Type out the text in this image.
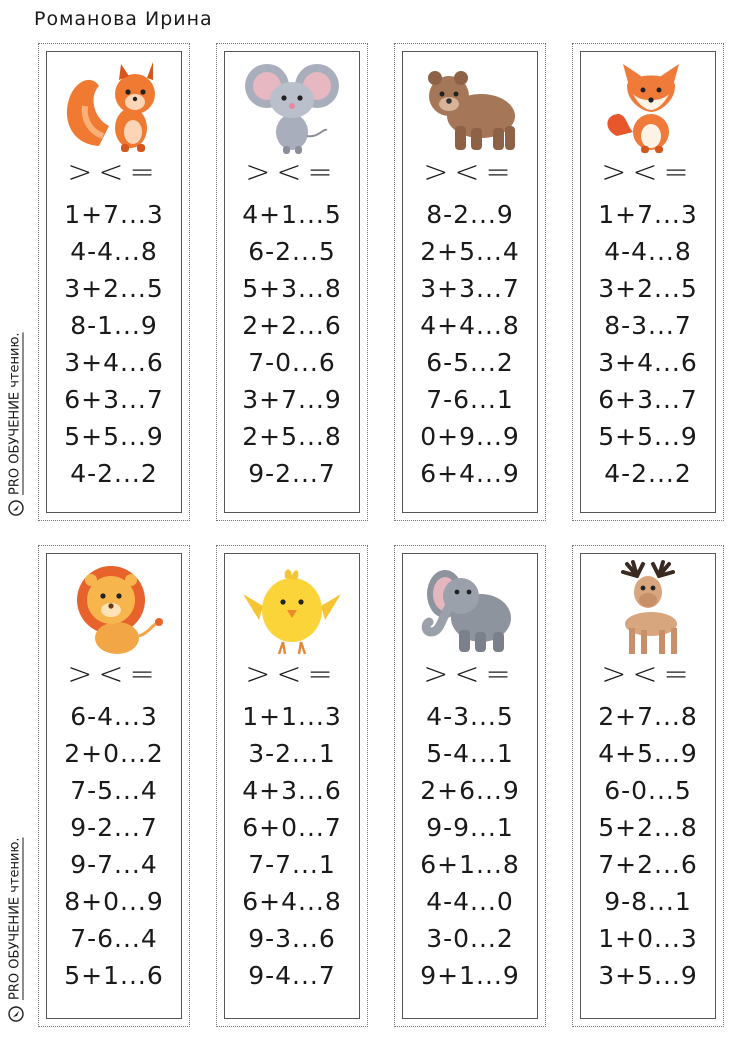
Романова Ирина
PRO ОБУЧЕНИЕ чтению.
PRO ОБУЧЕНИЕ чтению.
><=
1+7...3
4-4...8
3+2...5
8-1...9
3+4...6
6+3...7
5+5...9
4-2...2
><=
4+1...5
6-2...5
5+3...8
2+2...6
7-0...6
3+7...9
2+5...8
9-2...7
><=
8-2...9
2+5...4
3+3...7
4+4...8
6-5...2
7-6...1
0+9...9
6+4...9
><=
1+7...3
4-4...8
3+2...5
8-3...7
3+4...6
6+3...7
5+5...9
4-2...2
><=
6-4...3
2+0...2
7-5...4
9-2...7
9-7...4
8+0...9
7-6...4
5+1...6
><=
1+1...3
3-2...1
4+3...6
6+0...7
7-7...1
6+4...8
9-3...6
9-4...7
><=
4-3...5
5-4...1
2+6...9
9-9...1
6+1...8
4-4...0
3-0...2
9+1...9
><=
2+7...8
4+5...9
6-0...5
5+2...8
7+2...6
9-8...1
1+0...3
3+5...9
